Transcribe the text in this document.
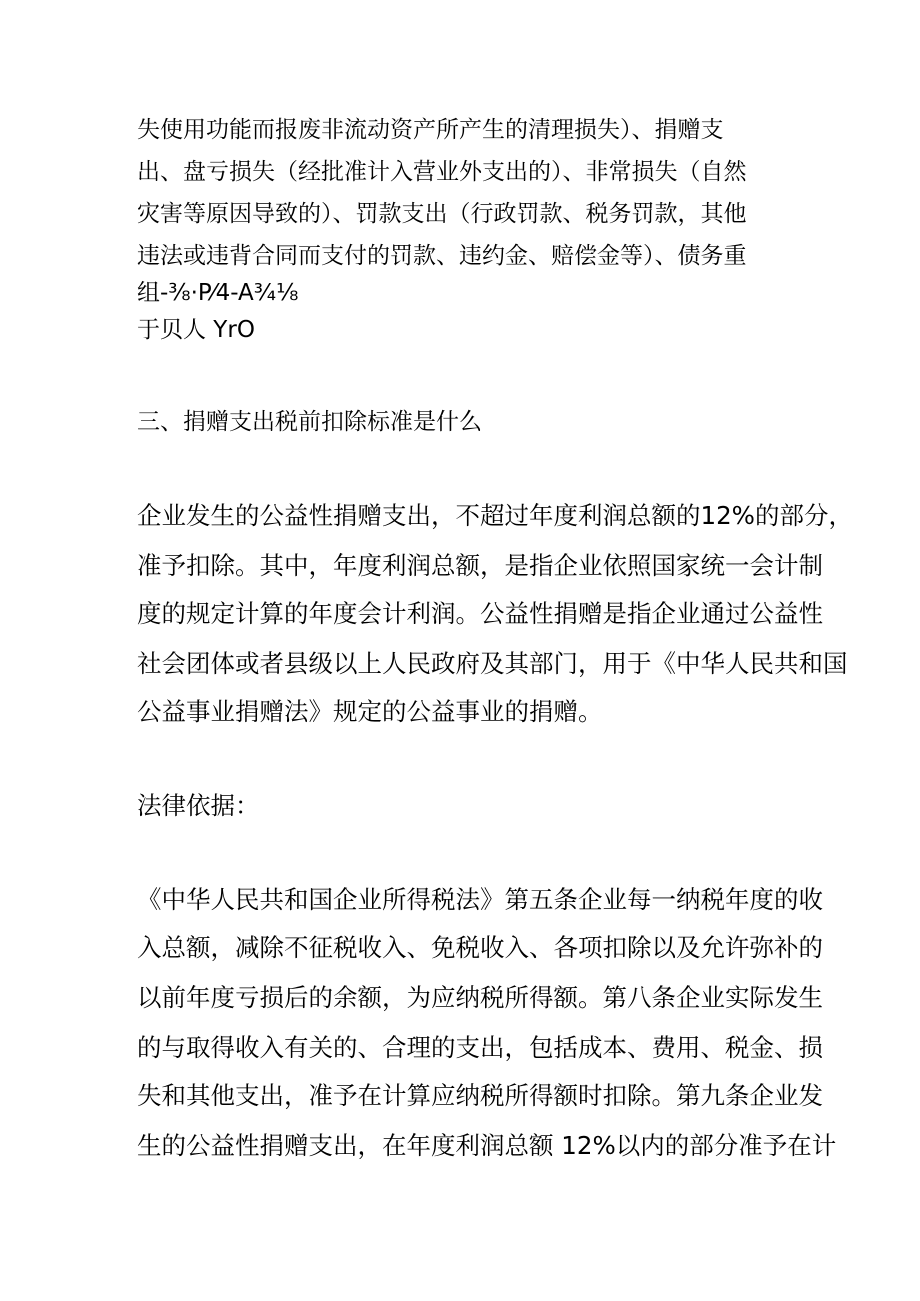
失使用功能而报废非流动资产所产生的清理损失）、捐赠支
出、盘亏损失（经批准计入营业外支出的）、非常损失（自然
灾害等原因导致的）、罚款支出（行政罚款、税务罚款，其他
违法或违背合同而支付的罚款、违约金、赔偿金等）、债务重
组-⅜·P⁄4-A¾⅛
于贝人 YrO
三、捐赠支出税前扣除标准是什么
企业发生的公益性捐赠支出，不超过年度利润总额的12%的部分，
准予扣除。其中，年度利润总额，是指企业依照国家统一会计制
度的规定计算的年度会计利润。公益性捐赠是指企业通过公益性
社会团体或者县级以上人民政府及其部门，用于《中华人民共和国
公益事业捐赠法》规定的公益事业的捐赠。
法律依据：
《中华人民共和国企业所得税法》第五条企业每一纳税年度的收
入总额，减除不征税收入、免税收入、各项扣除以及允许弥补的
以前年度亏损后的余额，为应纳税所得额。第八条企业实际发生
的与取得收入有关的、合理的支出，包括成本、费用、税金、损
失和其他支出，准予在计算应纳税所得额时扣除。第九条企业发
生的公益性捐赠支出，在年度利润总额 12%以内的部分准予在计
